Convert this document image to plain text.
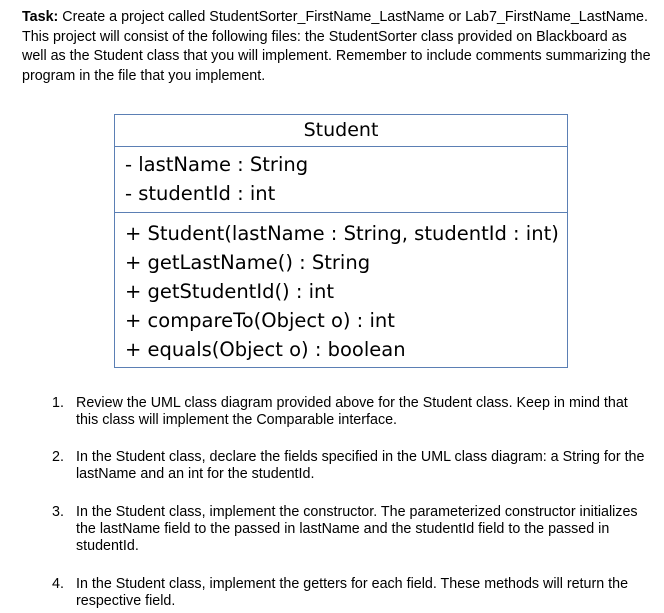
Task: Create a project called StudentSorter_FirstName_LastName or Lab7_FirstName_LastName. This project will consist of the following files: the StudentSorter class provided on Blackboard as well as the Student class that you will implement. Remember to include comments summarizing the program in the file that you implement.
Student
- lastName : String
- studentId : int
+ Student(lastName : String, studentId : int)
+ getLastName() : String
+ getStudentId() : int
+ compareTo(Object o) : int
+ equals(Object o) : boolean
1. Review the UML class diagram provided above for the Student class. Keep in mind that this class will implement the Comparable interface.
2. In the Student class, declare the fields specified in the UML class diagram: a String for the lastName and an int for the studentId.
3. In the Student class, implement the constructor. The parameterized constructor initializes the lastName field to the passed in lastName and the studentId field to the passed in studentId.
4. In the Student class, implement the getters for each field. These methods will return the respective field.
